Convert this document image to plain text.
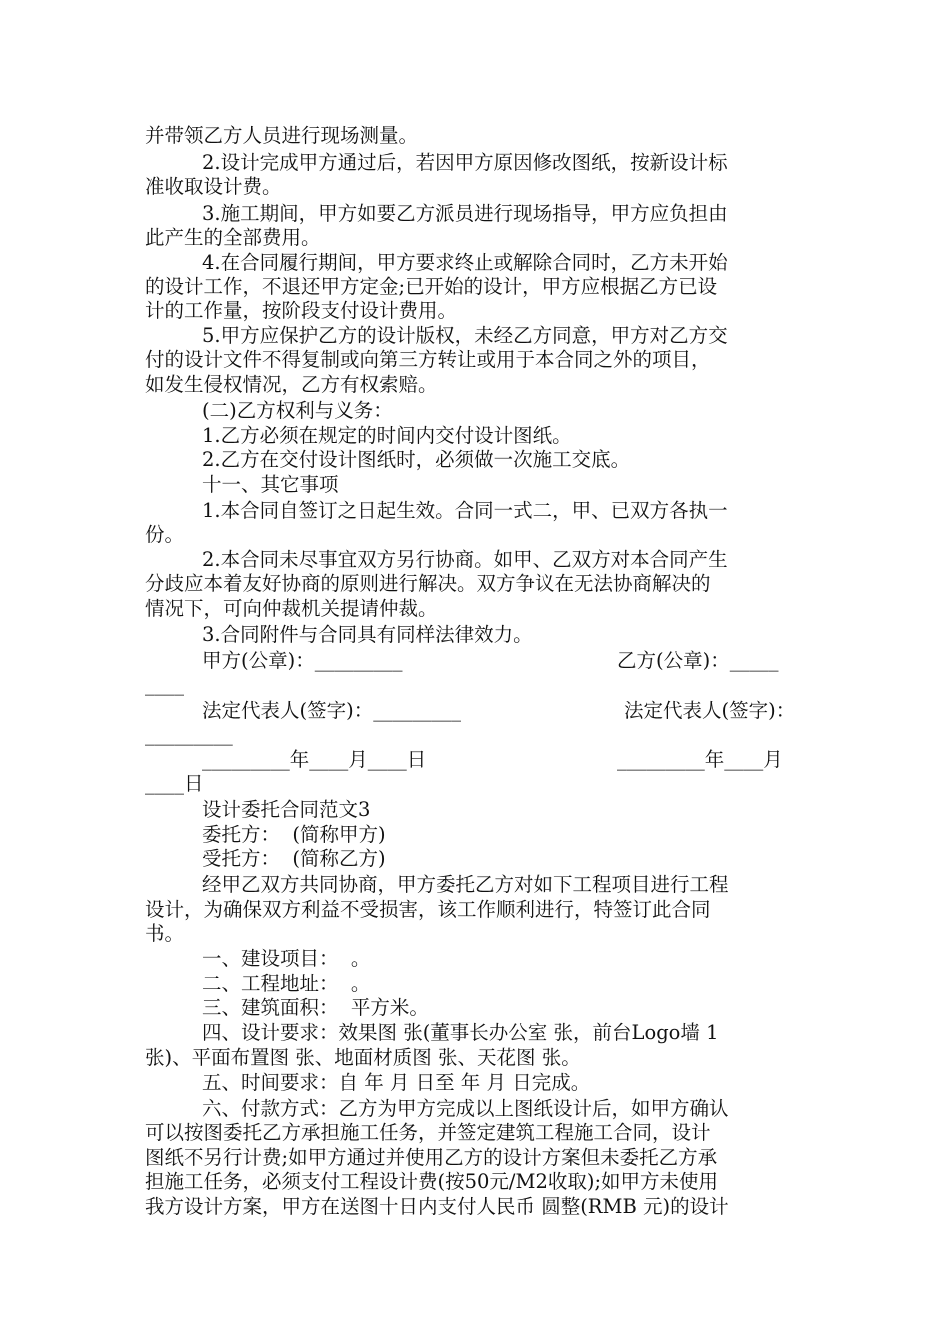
并带领乙方人员进行现场测量。
2.设计完成甲方通过后，若因甲方原因修改图纸，按新设计标
准收取设计费。
3.施工期间，甲方如要乙方派员进行现场指导，甲方应负担由
此产生的全部费用。
4.在合同履行期间，甲方要求终止或解除合同时，乙方未开始
的设计工作，不退还甲方定金;已开始的设计，甲方应根据乙方已设
计的工作量，按阶段支付设计费用。
5.甲方应保护乙方的设计版权，未经乙方同意，甲方对乙方交
付的设计文件不得复制或向第三方转让或用于本合同之外的项目，
如发生侵权情况，乙方有权索赔。
(二)乙方权利与义务：
1.乙方必须在规定的时间内交付设计图纸。
2.乙方在交付设计图纸时，必须做一次施工交底。
十一、其它事项
1.本合同自签订之日起生效。合同一式二，甲、已双方各执一
份。
2.本合同未尽事宜双方另行协商。如甲、乙双方对本合同产生
分歧应本着友好协商的原则进行解决。双方争议在无法协商解决的
情况下，可向仲裁机关提请仲裁。
3.合同附件与合同具有同样法律效力。
甲方(公章)：_________	乙方(公章)：_____
____
法定代表人(签字)：_________	法定代表人(签字)：
_________
_________年____月____日	_________年____月
____日
设计委托合同范文3
委托方：  (简称甲方)
受托方：  (简称乙方)
经甲乙双方共同协商，甲方委托乙方对如下工程项目进行工程
设计，为确保双方利益不受损害，该工作顺利进行，特签订此合同
书。
一、建设项目：  。
二、工程地址：  。
三、建筑面积：  平方米。
四、设计要求：效果图 张(董事长办公室 张，前台Logo墙 1
张)、平面布置图 张、地面材质图 张、天花图 张。
五、时间要求：自 年 月 日至 年 月 日完成。
六、付款方式：乙方为甲方完成以上图纸设计后，如甲方确认
可以按图委托乙方承担施工任务，并签定建筑工程施工合同，设计
图纸不另行计费;如甲方通过并使用乙方的设计方案但未委托乙方承
担施工任务，必须支付工程设计费(按50元/M2收取);如甲方未使用
我方设计方案，甲方在送图十日内支付人民币 圆整(RMB 元)的设计
